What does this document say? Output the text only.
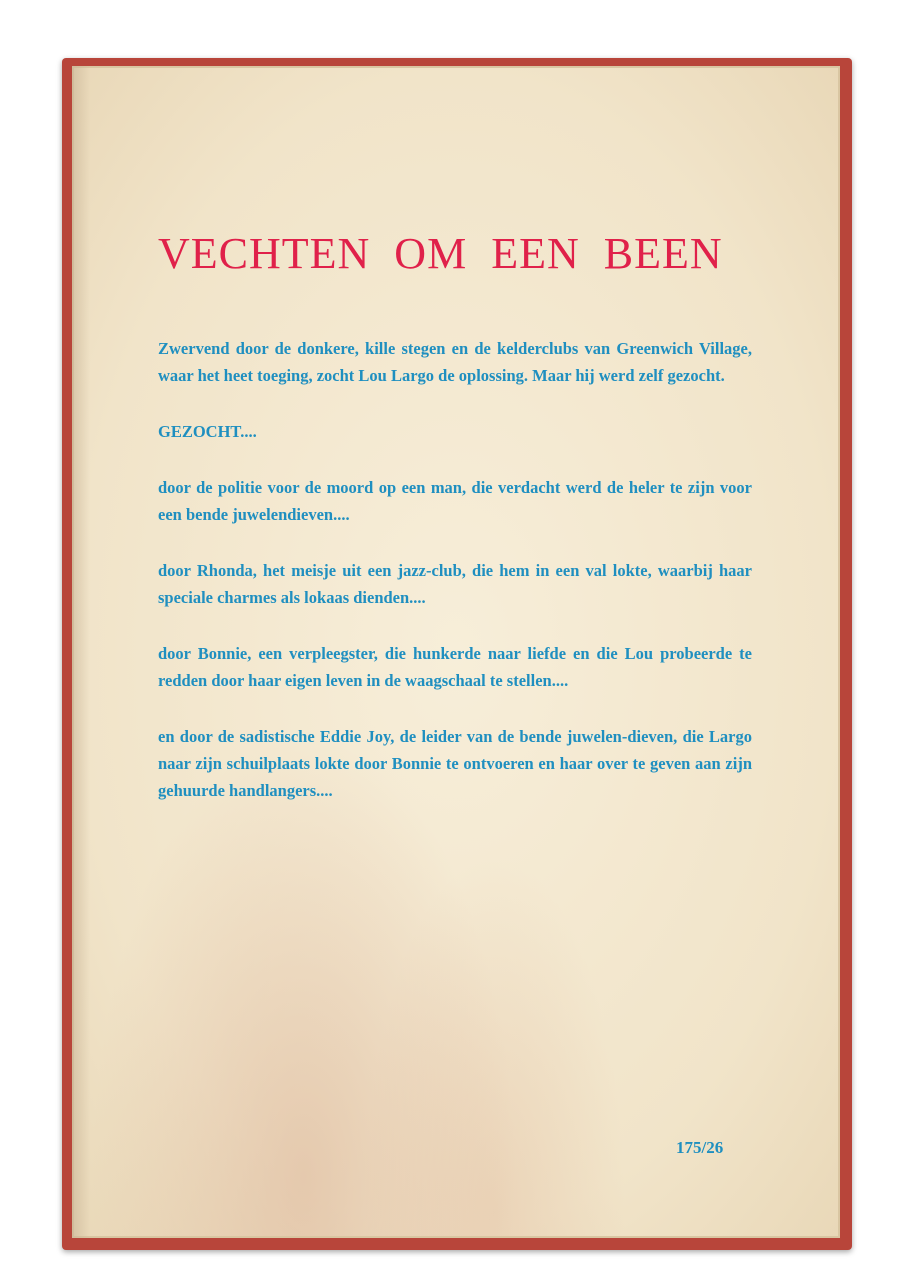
VECHTEN OM EEN BEEN

Zwervend door de donkere, kille stegen en de kelderclubs van Greenwich Village, waar het heet toeging, zocht Lou Largo de oplossing. Maar hij werd zelf gezocht.

GEZOCHT....

door de politie voor de moord op een man, die verdacht werd de heler te zijn voor een bende juwelendieven....

door Rhonda, het meisje uit een jazz-club, die hem in een val lokte, waarbij haar speciale charmes als lokaas dienden....

door Bonnie, een verpleegster, die hunkerde naar liefde en die Lou probeerde te redden door haar eigen leven in de waagschaal te stellen....

en door de sadistische Eddie Joy, de leider van de bende juwelen-dieven, die Largo naar zijn schuilplaats lokte door Bonnie te ontvoeren en haar over te geven aan zijn gehuurde handlangers....

175/26
